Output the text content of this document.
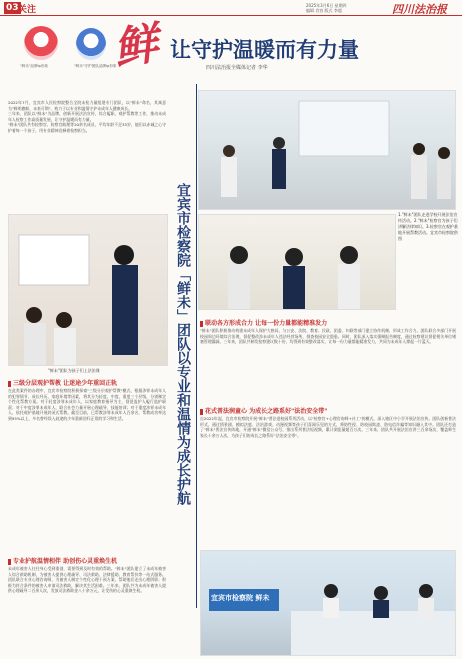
03 关注	2025年3月6日 星期四
编辑 肖容 版式 李超	四川法治报
鲜 让守护温暖而有力量
四川法治报全媒体记者 李华
"鲜未"品牌ip形象	"鲜未"守护团队品牌ip形象
宜宾市检察院「鲜未」团队以专业和温情为成长护航
2022年7月，宜宾市人民检察院整合全院未检力量组建专门团队，以"鲜未"命名，其寓意为"鲜明旗帜、未来可期"，致力于以专业和温情守护未成年人健康成长。
三年来，团队以"鲜未"为品牌，创新开展法治宣传、综合履职、观护帮教等工作，推动未成年人检察工作高质量发展，让守护温暖而有力量。
"鲜未"团队共有检察官、检察官助理等20余名成员，平均年龄不足35岁，他们以赤诚之心守护着每一个孩子，用专业精神诠释着检察担当。
1."鲜未"团队走进学校开展法治宣传活动。2."鲜未"检察官为孩子们讲解法律知识。3.检察官在观护基地开展帮教活动。宜宾市检察院供图
"鲜未"团队为孩子们上法治课
三级分层观护帮教 让迷途少年重回正轨
在此类案件的办理中，宜宾市检察院积极探索"三级分层观护帮教"模式，根据涉罪未成年人的犯罪情节、成长经历、家庭环境等因素，将其分为轻度、中度、重度三个层级，分别制定个性化帮教方案。对于轻度涉罪未成年人，以家庭教育指导为主，督促监护人履行监护职责；对于中度涉罪未成年人，联合社会力量开展心理疏导、技能培训；对于重度涉罪未成年人，依托观护基地开展封闭式帮教。截至目前，已帮教涉罪未成年人百余名，帮教成功率达到95%以上，多名曾经误入歧途的少年重新回归正常的学习和生活。
专业护航温情相伴 助创伤心灵重焕生机
未成年被害人往往身心受到重创，需要得到及时有效的帮助。"鲜未"团队建立了未成年被害人综合救助机制，为被害人提供心理疏导、司法救助、法律援助、教育帮扶等一站式服务。团队联合专业心理咨询师，为被害人制定个性化心理干预方案，帮助他们走出心理阴影；积极为符合条件的被害人申请司法救助，解决其生活困难。三年来，团队共为未成年被害人提供心理疏导二百余人次，发放司法救助金八十余万元，让受伤的心灵重焕生机。
联动各方形成合力 让每一份力量都能精准发力
"鲜未"团队积极推动构建未成年人保护大格局，与公安、法院、教育、民政、团委、妇联等部门建立协作机制，形成工作合力。团队联合多部门开展校园周边环境综合治理，督促整改涉未成年人违法经营场所，排查校园安全隐患。同时，团队深入落实强制报告制度，通过检察建议督促相关单位堵塞管理漏洞。三年来，团队共制发检察建议数十份，均得到有效整改落实，让每一份力量都能精准发力，共同为未成年人撑起一片蓝天。
花式普法润童心 为成长之路系好"法治安全带"
自2022年起，宜宾市检察院开展"鲜未"普法进校园系列活动，以"检察官+心理咨询师+社工"的模式，深入辖区中小学开展法治宣传。团队创新普法形式，通过情景剧、模拟法庭、法治游戏、动漫视频等孩子们喜闻乐见的方式，将防性侵、防校园欺凌、防电信诈骗等知识融入其中。团队还打造了"鲜未"普法宣传阵地，开通"鲜未"微信公众号，推出系列普法短视频，累计浏览量超百万次。三年来，团队共开展法治宣讲三百余场次，覆盖师生家长十余万人次，为孩子们的成长之路系好"法治安全带"。
宜宾市检察院 鲜未
